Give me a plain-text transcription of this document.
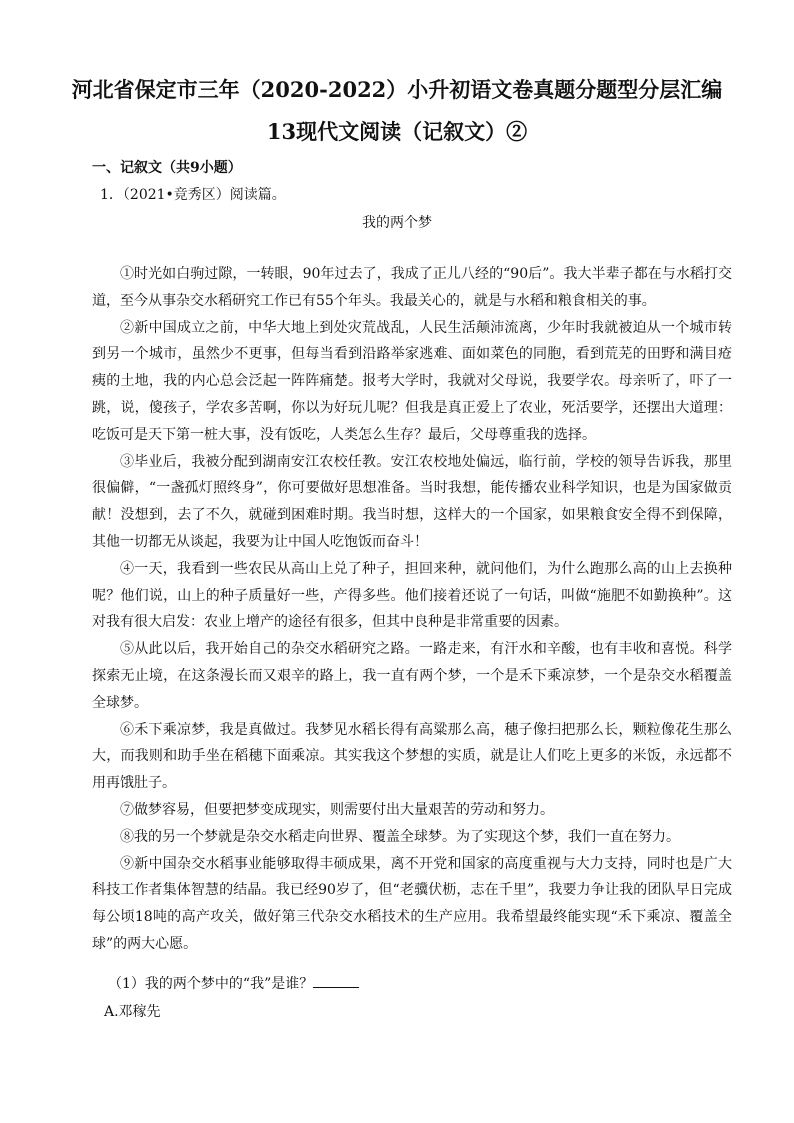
河北省保定市三年（2020-2022）小升初语文卷真题分题型分层汇编
13现代文阅读（记叙文）②
一、记叙文（共9小题）
1．（2021•竞秀区）阅读篇。
我的两个梦

①时光如白驹过隙，一转眼，90年过去了，我成了正儿八经的“90后”。我大半辈子都在与水稻打交道，至今从事杂交水稻研究工作已有55个年头。我最关心的，就是与水稻和粮食相关的事。

②新中国成立之前，中华大地上到处灾荒战乱，人民生活颠沛流离，少年时我就被迫从一个城市转到另一个城市，虽然少不更事，但每当看到沿路举家逃难、面如菜色的同胞，看到荒芜的田野和满目疮痍的土地，我的内心总会泛起一阵阵痛楚。报考大学时，我就对父母说，我要学农。母亲听了，吓了一跳，说，傻孩子，学农多苦啊，你以为好玩儿呢？但我是真正爱上了农业，死活要学，还摆出大道理：吃饭可是天下第一桩大事，没有饭吃，人类怎么生存？最后，父母尊重我的选择。

③毕业后，我被分配到湖南安江农校任教。安江农校地处偏远，临行前，学校的领导告诉我，那里很偏僻，“一盏孤灯照终身”，你可要做好思想准备。当时我想，能传播农业科学知识，也是为国家做贡献！没想到，去了不久，就碰到困难时期。我当时想，这样大的一个国家，如果粮食安全得不到保障，其他一切都无从谈起，我要为让中国人吃饱饭而奋斗！

④一天，我看到一些农民从高山上兑了种子，担回来种，就问他们，为什么跑那么高的山上去换种呢？他们说，山上的种子质量好一些，产得多些。他们接着还说了一句话，叫做“施肥不如勤换种”。这对我有很大启发：农业上增产的途径有很多，但其中良种是非常重要的因素。

⑤从此以后，我开始自己的杂交水稻研究之路。一路走来，有汗水和辛酸，也有丰收和喜悦。科学探索无止境，在这条漫长而又艰辛的路上，我一直有两个梦，一个是禾下乘凉梦，一个是杂交水稻覆盖全球梦。

⑥禾下乘凉梦，我是真做过。我梦见水稻长得有高粱那么高，穗子像扫把那么长，颗粒像花生那么大，而我则和助手坐在稻穗下面乘凉。其实我这个梦想的实质，就是让人们吃上更多的米饭，永远都不用再饿肚子。

⑦做梦容易，但要把梦变成现实，则需要付出大量艰苦的劳动和努力。

⑧我的另一个梦就是杂交水稻走向世界、覆盖全球梦。为了实现这个梦，我们一直在努力。

⑨新中国杂交水稻事业能够取得丰硕成果，离不开党和国家的高度重视与大力支持，同时也是广大科技工作者集体智慧的结晶。我已经90岁了，但“老骥伏枥，志在千里”，我要力争让我的团队早日完成每公顷18吨的高产攻关，做好第三代杂交水稻技术的生产应用。我希望最终能实现“禾下乘凉、覆盖全球”的两大心愿。

（1）我的两个梦中的“我”是谁？
A.邓稼先
